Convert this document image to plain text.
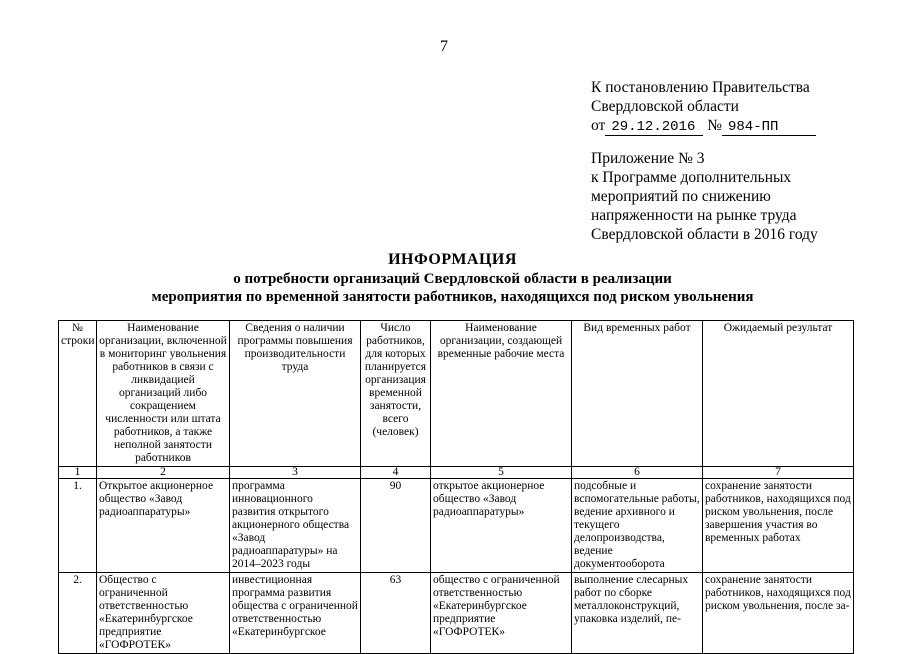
7
К постановлению Правительства
Свердловской области
от 29.12.2016 № 984-ПП
Приложение № 3
к Программе дополнительных
мероприятий по снижению
напряженности на рынке труда
Свердловской области в 2016 году
ИНФОРМАЦИЯ
о потребности организаций Свердловской области в реализации
мероприятия по временной занятости работников, находящихся под риском увольнения
№ строки	Наименование организации, включенной в мониторинг увольнения работников в связи с ликвидацией организаций либо сокращением численности или штата работников, а также неполной занятости работников	Сведения о наличии программы повышения производительности труда	Число работников, для которых планируется организация временной занятости, всего (человек)	Наименование организации, создающей временные рабочие места	Вид временных работ	Ожидаемый результат
1	2	3	4	5	6	7
1.	Открытое акционерное общество «Завод радиоаппаратуры»	программа инновационного развития открытого акционерного общества «Завод радиоаппаратуры» на 2014–2023 годы	90	открытое акционерное общество «Завод радиоаппаратуры»	подсобные и вспомогательные работы, ведение архивного и текущего делопроизводства, ведение документооборота	сохранение занятости работников, находящихся под риском увольнения, после завершения участия во временных работах
2.	Общество с ограниченной ответственностью «Екатеринбургское предприятие «ГОФРОТЕК»	инвестиционная программа развития общества с ограниченной ответственностью «Екатеринбургское	63	общество с ограниченной ответственностью «Екатеринбургское предприятие «ГОФРОТЕК»	выполнение слесарных работ по сборке металлоконструкций, упаковка изделий, пе-	сохранение занятости работников, находящихся под риском увольнения, после за-
